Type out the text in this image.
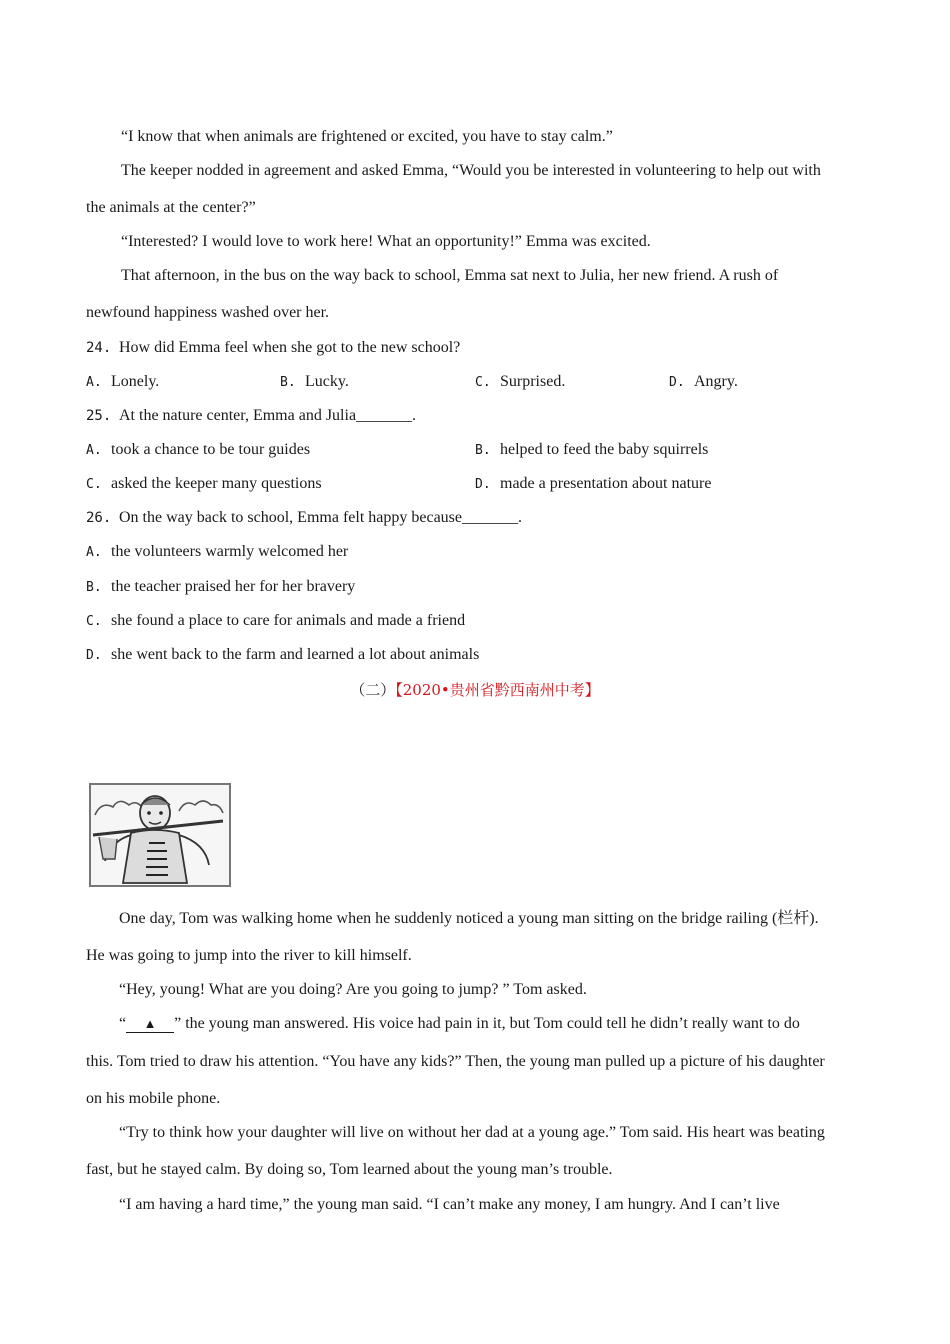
“I know that when animals are frightened or excited, you have to stay calm.”
The keeper nodded in agreement and asked Emma, “Would you be interested in volunteering to help out with
the animals at the center?”
“Interested? I would love to work here! What an opportunity!” Emma was excited.
That afternoon, in the bus on the way back to school, Emma sat next to Julia, her new friend. A rush of
newfound happiness washed over her.
24. How did Emma feel when she got to the new school?
A. Lonely.	B. Lucky.	C. Surprised.	D. Angry.
25. At the nature center, Emma and Julia_______.
A. took a chance to be tour guides	B. helped to feed the baby squirrels
C. asked the keeper many questions	D. made a presentation about nature
26. On the way back to school, Emma felt happy because_______.
A. the volunteers warmly welcomed her
B. the teacher praised her for her bravery
C. she found a place to care for animals and made a friend
D. she went back to the farm and learned a lot about animals
（二）【2020•贵州省黔西南州中考】
One day, Tom was walking home when he suddenly noticed a young man sitting on the bridge railing (栏杆).
He was going to jump into the river to kill himself.
“Hey, young! What are you doing? Are you going to jump? ” Tom asked.
“ ▲ ” the young man answered. His voice had pain in it, but Tom could tell he didn’t really want to do
this. Tom tried to draw his attention. “You have any kids?” Then, the young man pulled up a picture of his daughter
on his mobile phone.
“Try to think how your daughter will live on without her dad at a young age.” Tom said. His heart was beating
fast, but he stayed calm. By doing so, Tom learned about the young man’s trouble.
“I am having a hard time,” the young man said. “I can’t make any money, I am hungry. And I can’t live
